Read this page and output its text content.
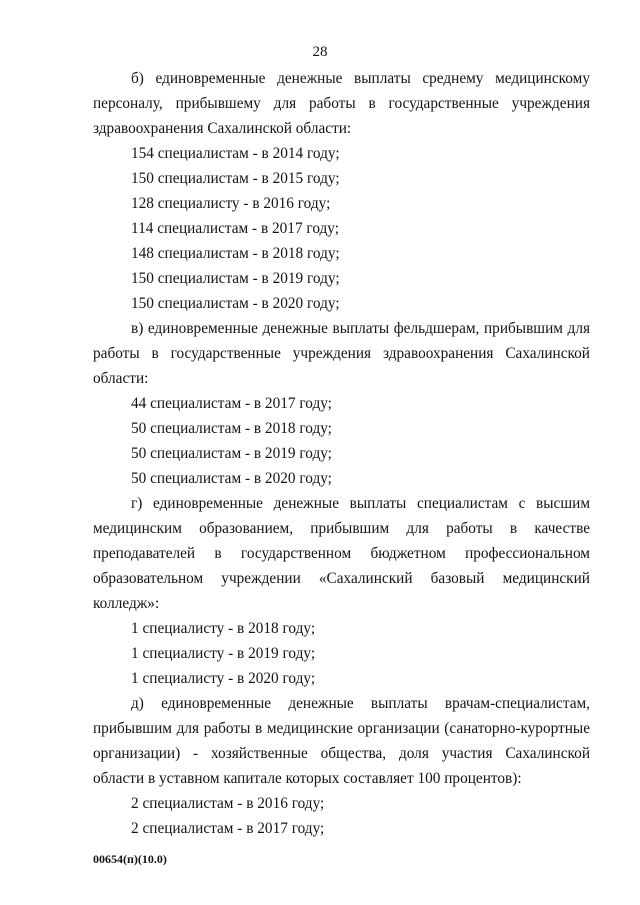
28

б) единовременные денежные выплаты среднему медицинскому персоналу, прибывшему для работы в государственные учреждения здравоохранения Сахалинской области:

154 специалистам - в 2014 году;

150 специалистам - в 2015 году;

128 специалисту - в 2016 году;

114 специалистам - в 2017 году;

148 специалистам - в 2018 году;

150 специалистам - в 2019 году;

150 специалистам - в 2020 году;

в) единовременные денежные выплаты фельдшерам, прибывшим для работы в государственные учреждения здравоохранения Сахалинской области:

44 специалистам - в 2017 году;

50 специалистам - в 2018 году;

50 специалистам - в 2019 году;

50 специалистам - в 2020 году;

г) единовременные денежные выплаты специалистам с высшим медицинским образованием, прибывшим для работы в качестве преподавателей в государственном бюджетном профессиональном образовательном учреждении «Сахалинский базовый медицинский колледж»:

1 специалисту - в 2018 году;

1 специалисту - в 2019 году;

1 специалисту - в 2020 году;

д) единовременные денежные выплаты врачам-специалистам, прибывшим для работы в медицинские организации (санаторно-курортные организации) - хозяйственные общества, доля участия Сахалинской области в уставном капитале которых составляет 100 процентов):

2 специалистам - в 2016 году;

2 специалистам - в 2017 году;

00654(п)(10.0)
